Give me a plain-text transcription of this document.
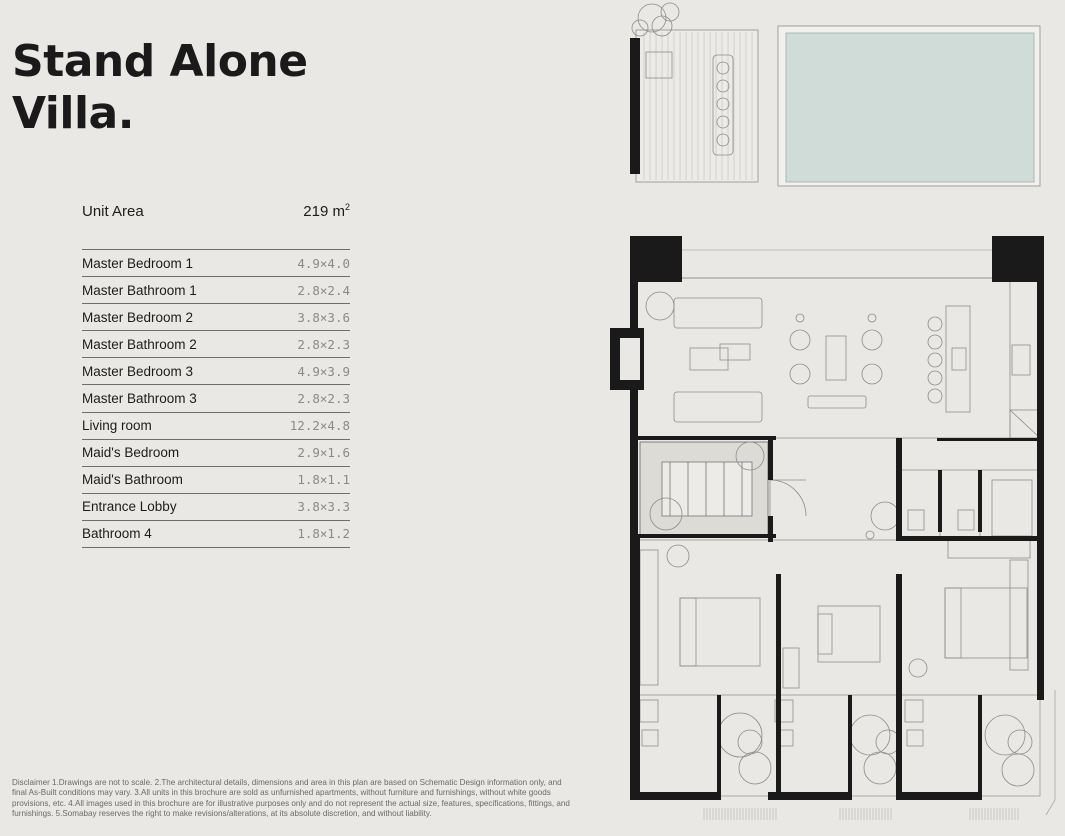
Stand Alone
Villa.
Unit Area	219 $m^2$
Master Bedroom 1	4.9×4.0
Master Bathroom 1	2.8×2.4
Master Bedroom 2	3.8×3.6
Master Bathroom 2	2.8×2.3
Master Bedroom 3	4.9×3.9
Master Bathroom 3	2.8×2.3
Living room	12.2×4.8
Maid's Bedroom	2.9×1.6
Maid's Bathroom	1.8×1.1
Entrance Lobby	3.8×3.3
Bathroom 4	1.8×1.2
Disclaimer 1.Drawings are not to scale. 2.The architectural details, dimensions and area in this plan are based on Schematic Design information only, and final As-Built conditions may vary. 3.All units in this brochure are sold as unfurnished apartments, without furniture and furnishings, without white goods provisions, etc. 4.All images used in this brochure are for illustrative purposes only and do not represent the actual size, features, specifications, fittings, and furnishings. 5.Somabay reserves the right to make revisions/alterations, at its absolute discretion, and without liability.
